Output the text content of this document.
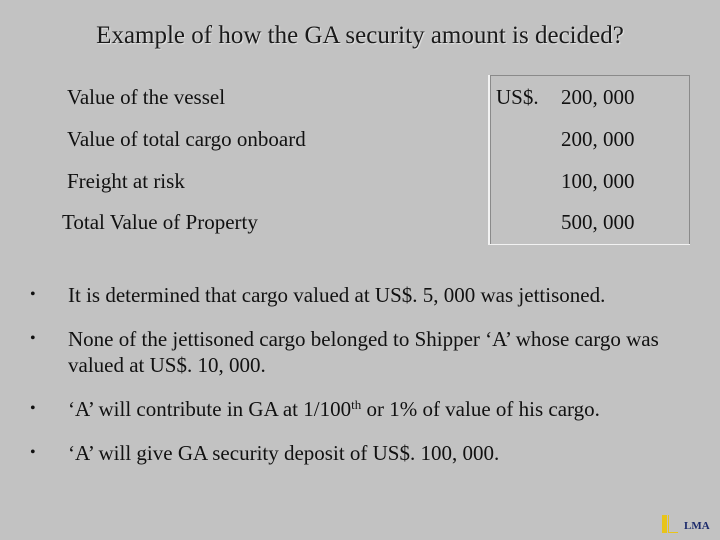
Example of how the GA security amount is decided?
Value of the vessel	US$. 200, 000
Value of total cargo onboard	200, 000
Freight at risk	100, 000
Total Value of Property	500, 000
• It is determined that cargo valued at US$. 5, 000 was jettisoned.
• None of the jettisoned cargo belonged to Shipper ‘A’ whose cargo was valued at US$. 10, 000.
• ‘A’ will contribute in GA at 1/100th or 1% of value of his cargo.
• ‘A’ will give GA security deposit of US$. 100, 000.
LMA
